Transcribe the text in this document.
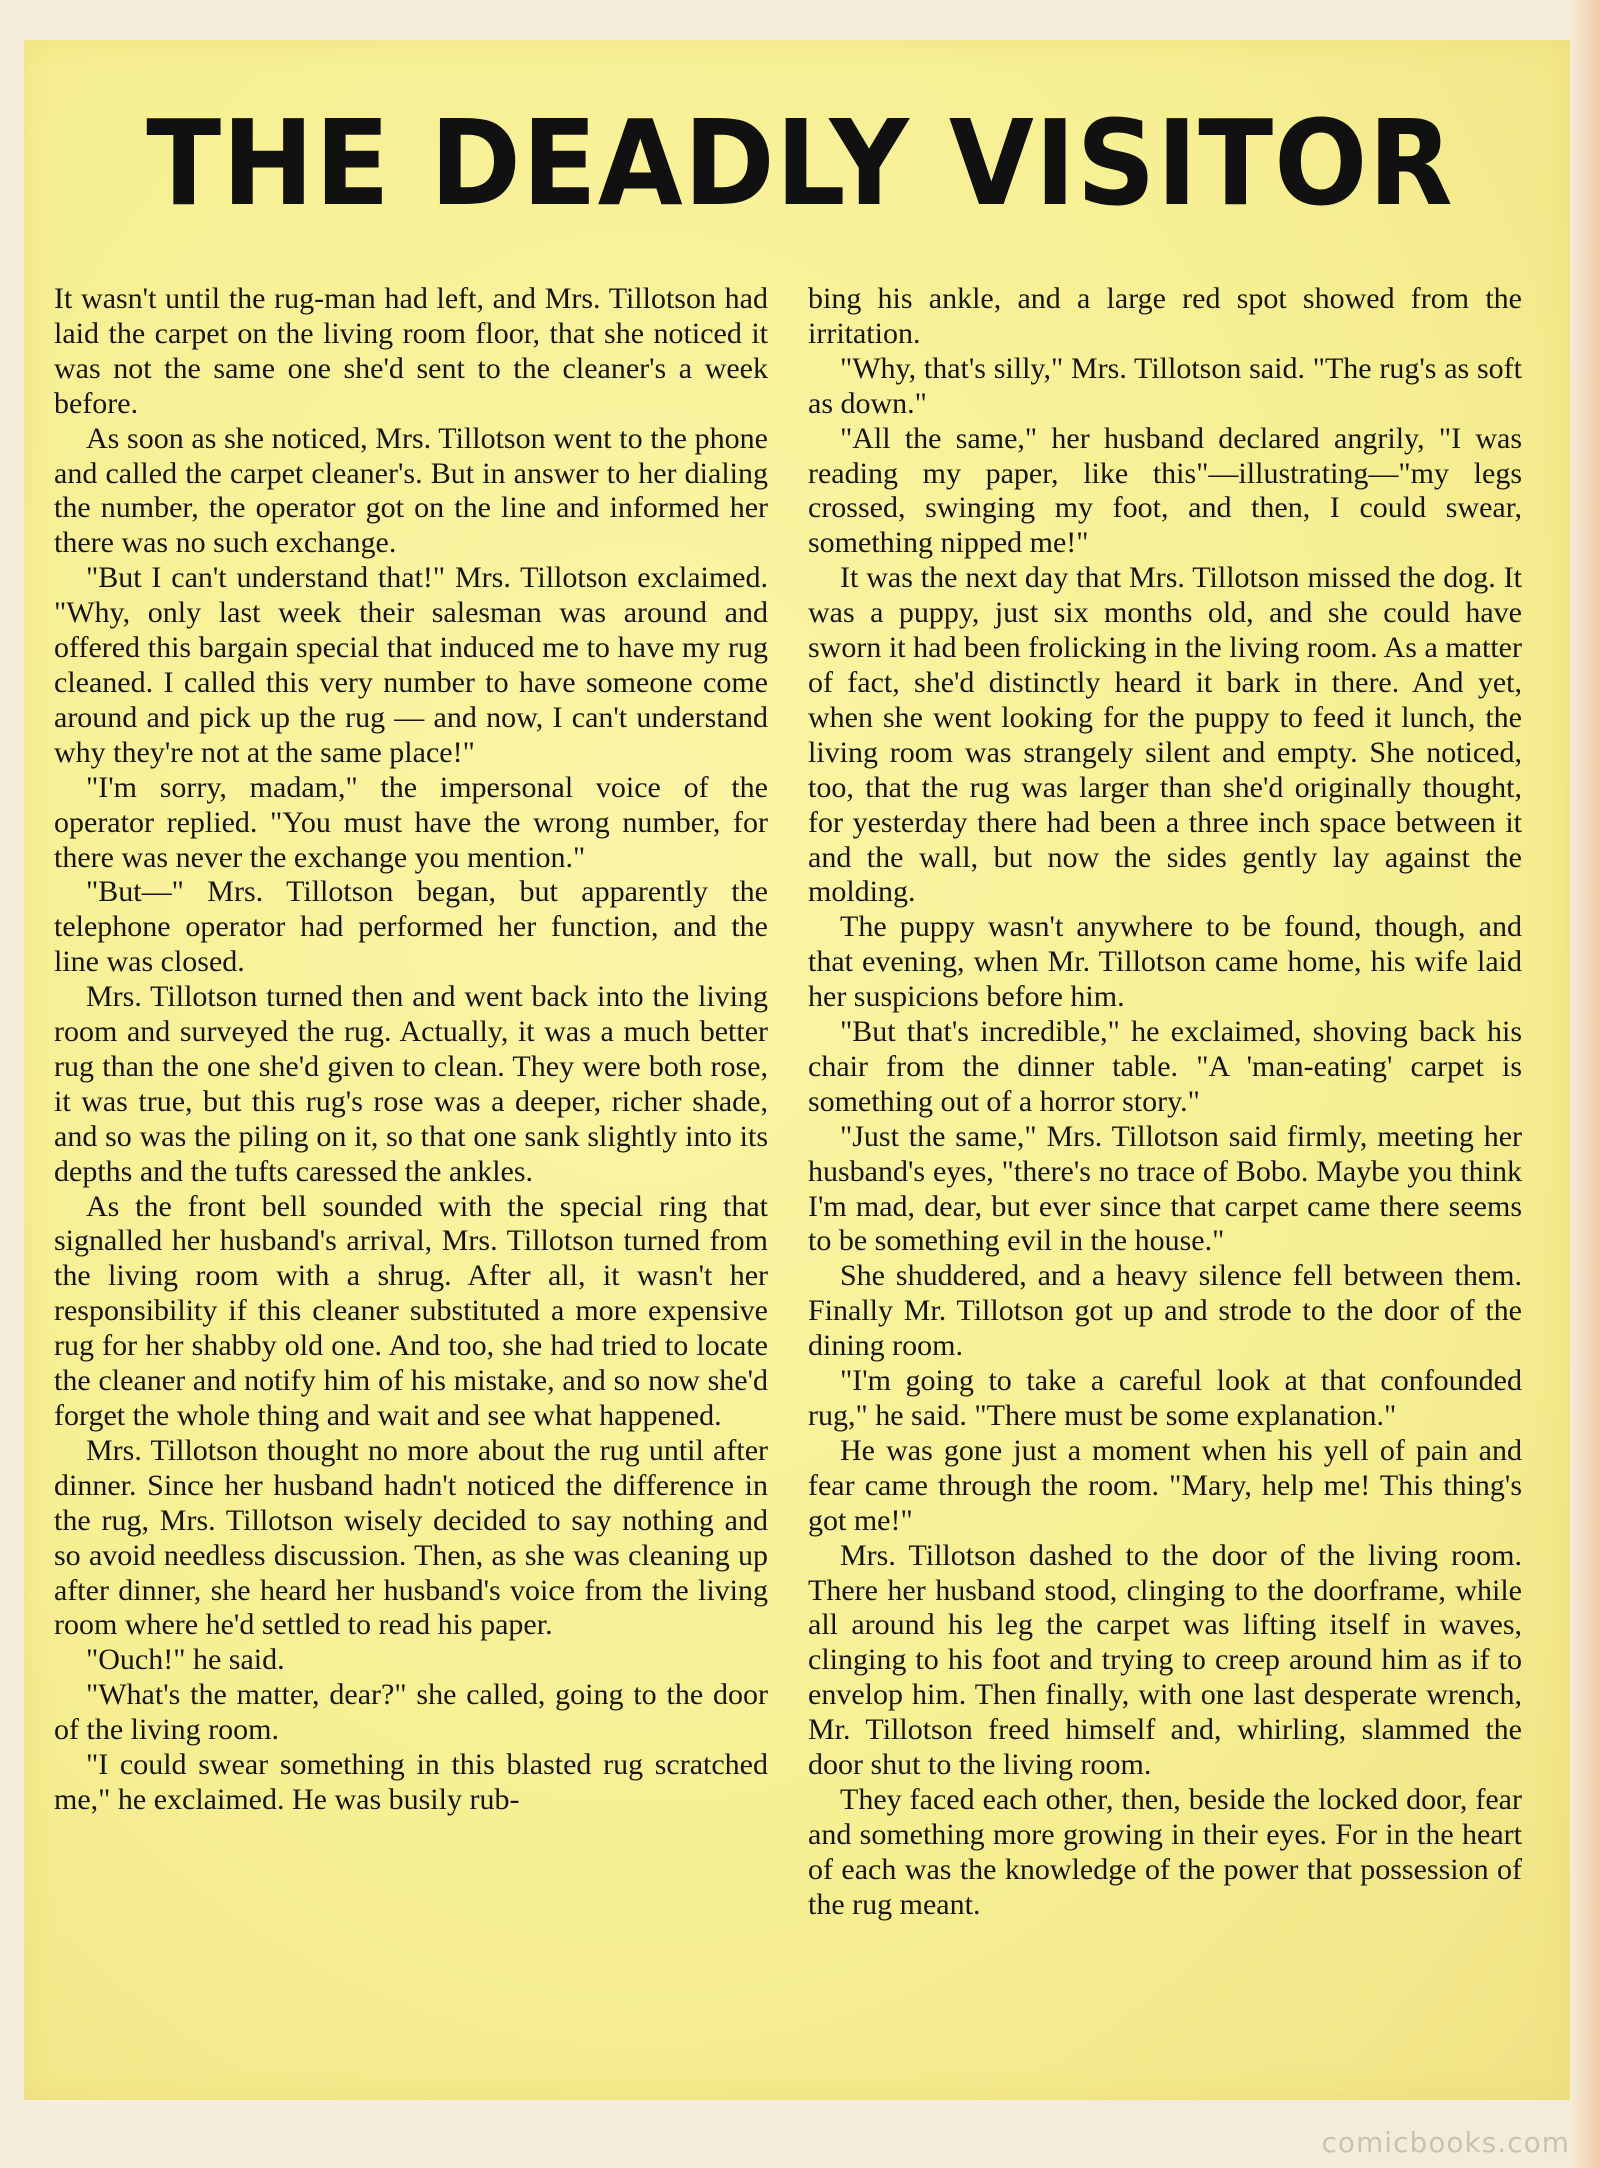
THE DEADLY VISITOR

It wasn't until the rug-man had left, and Mrs. Tillotson had laid the carpet on the living room floor, that she noticed it was not the same one she'd sent to the cleaner's a week before.

As soon as she noticed, Mrs. Tillotson went to the phone and called the carpet cleaner's. But in answer to her dialing the number, the operator got on the line and informed her there was no such exchange.

"But I can't understand that!" Mrs. Tillotson exclaimed. "Why, only last week their salesman was around and offered this bargain special that induced me to have my rug cleaned. I called this very number to have someone come around and pick up the rug — and now, I can't understand why they're not at the same place!"

"I'm sorry, madam," the impersonal voice of the operator replied. "You must have the wrong number, for there was never the exchange you mention."

"But—" Mrs. Tillotson began, but apparently the telephone operator had performed her function, and the line was closed.

Mrs. Tillotson turned then and went back into the living room and surveyed the rug. Actually, it was a much better rug than the one she'd given to clean. They were both rose, it was true, but this rug's rose was a deeper, richer shade, and so was the piling on it, so that one sank slightly into its depths and the tufts caressed the ankles.

As the front bell sounded with the special ring that signalled her husband's arrival, Mrs. Tillotson turned from the living room with a shrug. After all, it wasn't her responsibility if this cleaner substituted a more expensive rug for her shabby old one. And too, she had tried to locate the cleaner and notify him of his mistake, and so now she'd forget the whole thing and wait and see what happened.

Mrs. Tillotson thought no more about the rug until after dinner. Since her husband hadn't noticed the difference in the rug, Mrs. Tillotson wisely decided to say nothing and so avoid needless discussion. Then, as she was cleaning up after dinner, she heard her husband's voice from the living room where he'd settled to read his paper.

"Ouch!" he said.

"What's the matter, dear?" she called, going to the door of the living room.

"I could swear something in this blasted rug scratched me," he exclaimed. He was busily rub-

bing his ankle, and a large red spot showed from the irritation.

"Why, that's silly," Mrs. Tillotson said. "The rug's as soft as down."

"All the same," her husband declared angrily, "I was reading my paper, like this"—illustrating—"my legs crossed, swinging my foot, and then, I could swear, something nipped me!"

It was the next day that Mrs. Tillotson missed the dog. It was a puppy, just six months old, and she could have sworn it had been frolicking in the living room. As a matter of fact, she'd distinctly heard it bark in there. And yet, when she went looking for the puppy to feed it lunch, the living room was strangely silent and empty. She noticed, too, that the rug was larger than she'd originally thought, for yesterday there had been a three inch space between it and the wall, but now the sides gently lay against the molding.

The puppy wasn't anywhere to be found, though, and that evening, when Mr. Tillotson came home, his wife laid her suspicions before him.

"But that's incredible," he exclaimed, shoving back his chair from the dinner table. "A 'man-eating' carpet is something out of a horror story."

"Just the same," Mrs. Tillotson said firmly, meeting her husband's eyes, "there's no trace of Bobo. Maybe you think I'm mad, dear, but ever since that carpet came there seems to be something evil in the house."

She shuddered, and a heavy silence fell between them. Finally Mr. Tillotson got up and strode to the door of the dining room.

"I'm going to take a careful look at that confounded rug," he said. "There must be some explanation."

He was gone just a moment when his yell of pain and fear came through the room. "Mary, help me! This thing's got me!"

Mrs. Tillotson dashed to the door of the living room. There her husband stood, clinging to the doorframe, while all around his leg the carpet was lifting itself in waves, clinging to his foot and trying to creep around him as if to envelop him. Then finally, with one last desperate wrench, Mr. Tillotson freed himself and, whirling, slammed the door shut to the living room.

They faced each other, then, beside the locked door, fear and something more growing in their eyes. For in the heart of each was the knowledge of the power that possession of the rug meant.

comicbooks.com
